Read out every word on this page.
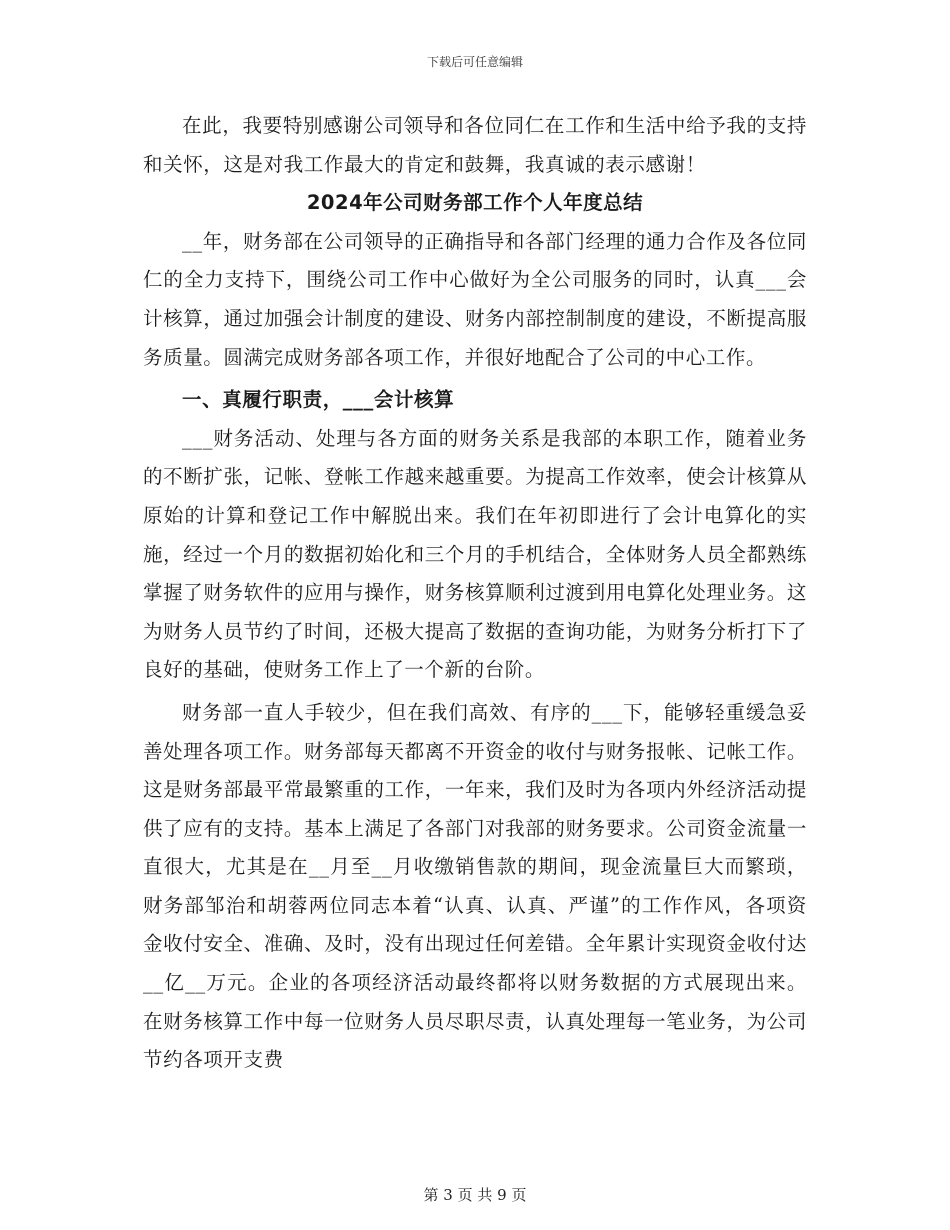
下载后可任意编辑

在此，我要特别感谢公司领导和各位同仁在工作和生活中给予我的支持和关怀，这是对我工作最大的肯定和鼓舞，我真诚的表示感谢！

2024年公司财务部工作个人年度总结

__年，财务部在公司领导的正确指导和各部门经理的通力合作及各位同仁的全力支持下，围绕公司工作中心做好为全公司服务的同时，认真___会计核算，通过加强会计制度的建设、财务内部控制制度的建设，不断提高服务质量。圆满完成财务部各项工作，并很好地配合了公司的中心工作。

一、真履行职责，___会计核算

___财务活动、处理与各方面的财务关系是我部的本职工作，随着业务的不断扩张，记帐、登帐工作越来越重要。为提高工作效率，使会计核算从原始的计算和登记工作中解脱出来。我们在年初即进行了会计电算化的实施，经过一个月的数据初始化和三个月的手机结合，全体财务人员全都熟练掌握了财务软件的应用与操作，财务核算顺利过渡到用电算化处理业务。这为财务人员节约了时间，还极大提高了数据的查询功能，为财务分析打下了良好的基础，使财务工作上了一个新的台阶。

财务部一直人手较少，但在我们高效、有序的___下，能够轻重缓急妥善处理各项工作。财务部每天都离不开资金的收付与财务报帐、记帐工作。这是财务部最平常最繁重的工作，一年来，我们及时为各项内外经济活动提供了应有的支持。基本上满足了各部门对我部的财务要求。公司资金流量一直很大，尤其是在__月至__月收缴销售款的期间，现金流量巨大而繁琐，财务部邹治和胡蓉两位同志本着“认真、认真、严谨”的工作作风，各项资金收付安全、准确、及时，没有出现过任何差错。全年累计实现资金收付达__亿__万元。企业的各项经济活动最终都将以财务数据的方式展现出来。在财务核算工作中每一位财务人员尽职尽责，认真处理每一笔业务，为公司节约各项开支费

第 3 页 共 9 页
